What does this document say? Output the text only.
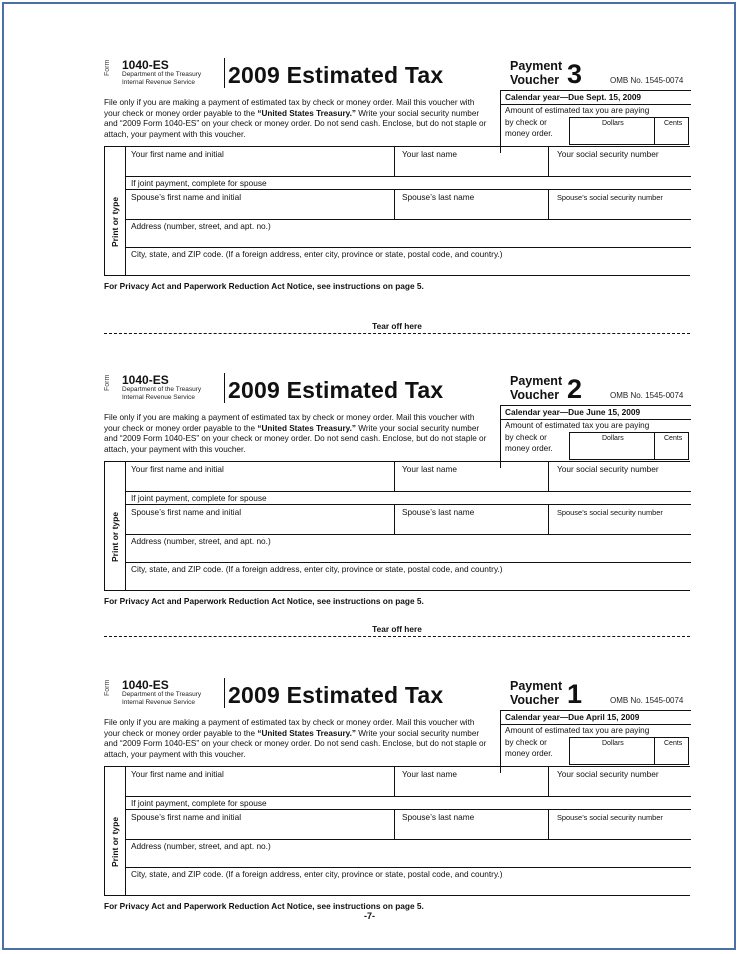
Form 1040-ES
Department of the Treasury
Internal Revenue Service 2009 Estimated Tax	Payment
Voucher 3	OMB No. 1545-0074
File only if you are making a payment of estimated tax by check or money order. Mail this voucher with your check or money order payable to the “United States Treasury.” Write your social security number and “2009 Form 1040-ES” on your check or money order. Do not send cash. Enclose, but do not staple or attach, your payment with this voucher.
Calendar year—Due Sept. 15, 2009
Amount of estimated tax you are paying
by check or
money order.
Dollars	Cents
Print or type
Your first name and initial	Your last name	Your social security number
If joint payment, complete for spouse
Spouse’s first name and initial	Spouse’s last name	Spouse’s social security number
Address (number, street, and apt. no.)
City, state, and ZIP code. (If a foreign address, enter city, province or state, postal code, and country.)
For Privacy Act and Paperwork Reduction Act Notice, see instructions on page 5.
Tear off here
Form 1040-ES
Department of the Treasury
Internal Revenue Service 2009 Estimated Tax	Payment
Voucher 2	OMB No. 1545-0074
File only if you are making a payment of estimated tax by check or money order. Mail this voucher with your check or money order payable to the “United States Treasury.” Write your social security number and “2009 Form 1040-ES” on your check or money order. Do not send cash. Enclose, but do not staple or attach, your payment with this voucher.
Calendar year—Due June 15, 2009
Amount of estimated tax you are paying
by check or
money order.
Dollars	Cents
Print or type
Your first name and initial	Your last name	Your social security number
If joint payment, complete for spouse
Spouse’s first name and initial	Spouse’s last name	Spouse’s social security number
Address (number, street, and apt. no.)
City, state, and ZIP code. (If a foreign address, enter city, province or state, postal code, and country.)
For Privacy Act and Paperwork Reduction Act Notice, see instructions on page 5.
Tear off here
Form 1040-ES
Department of the Treasury
Internal Revenue Service 2009 Estimated Tax	Payment
Voucher 1	OMB No. 1545-0074
File only if you are making a payment of estimated tax by check or money order. Mail this voucher with your check or money order payable to the “United States Treasury.” Write your social security number and “2009 Form 1040-ES” on your check or money order. Do not send cash. Enclose, but do not staple or attach, your payment with this voucher.
Calendar year—Due April 15, 2009
Amount of estimated tax you are paying
by check or
money order.
Dollars	Cents
Print or type
Your first name and initial	Your last name	Your social security number
If joint payment, complete for spouse
Spouse’s first name and initial	Spouse’s last name	Spouse’s social security number
Address (number, street, and apt. no.)
City, state, and ZIP code. (If a foreign address, enter city, province or state, postal code, and country.)
For Privacy Act and Paperwork Reduction Act Notice, see instructions on page 5.
-7-
